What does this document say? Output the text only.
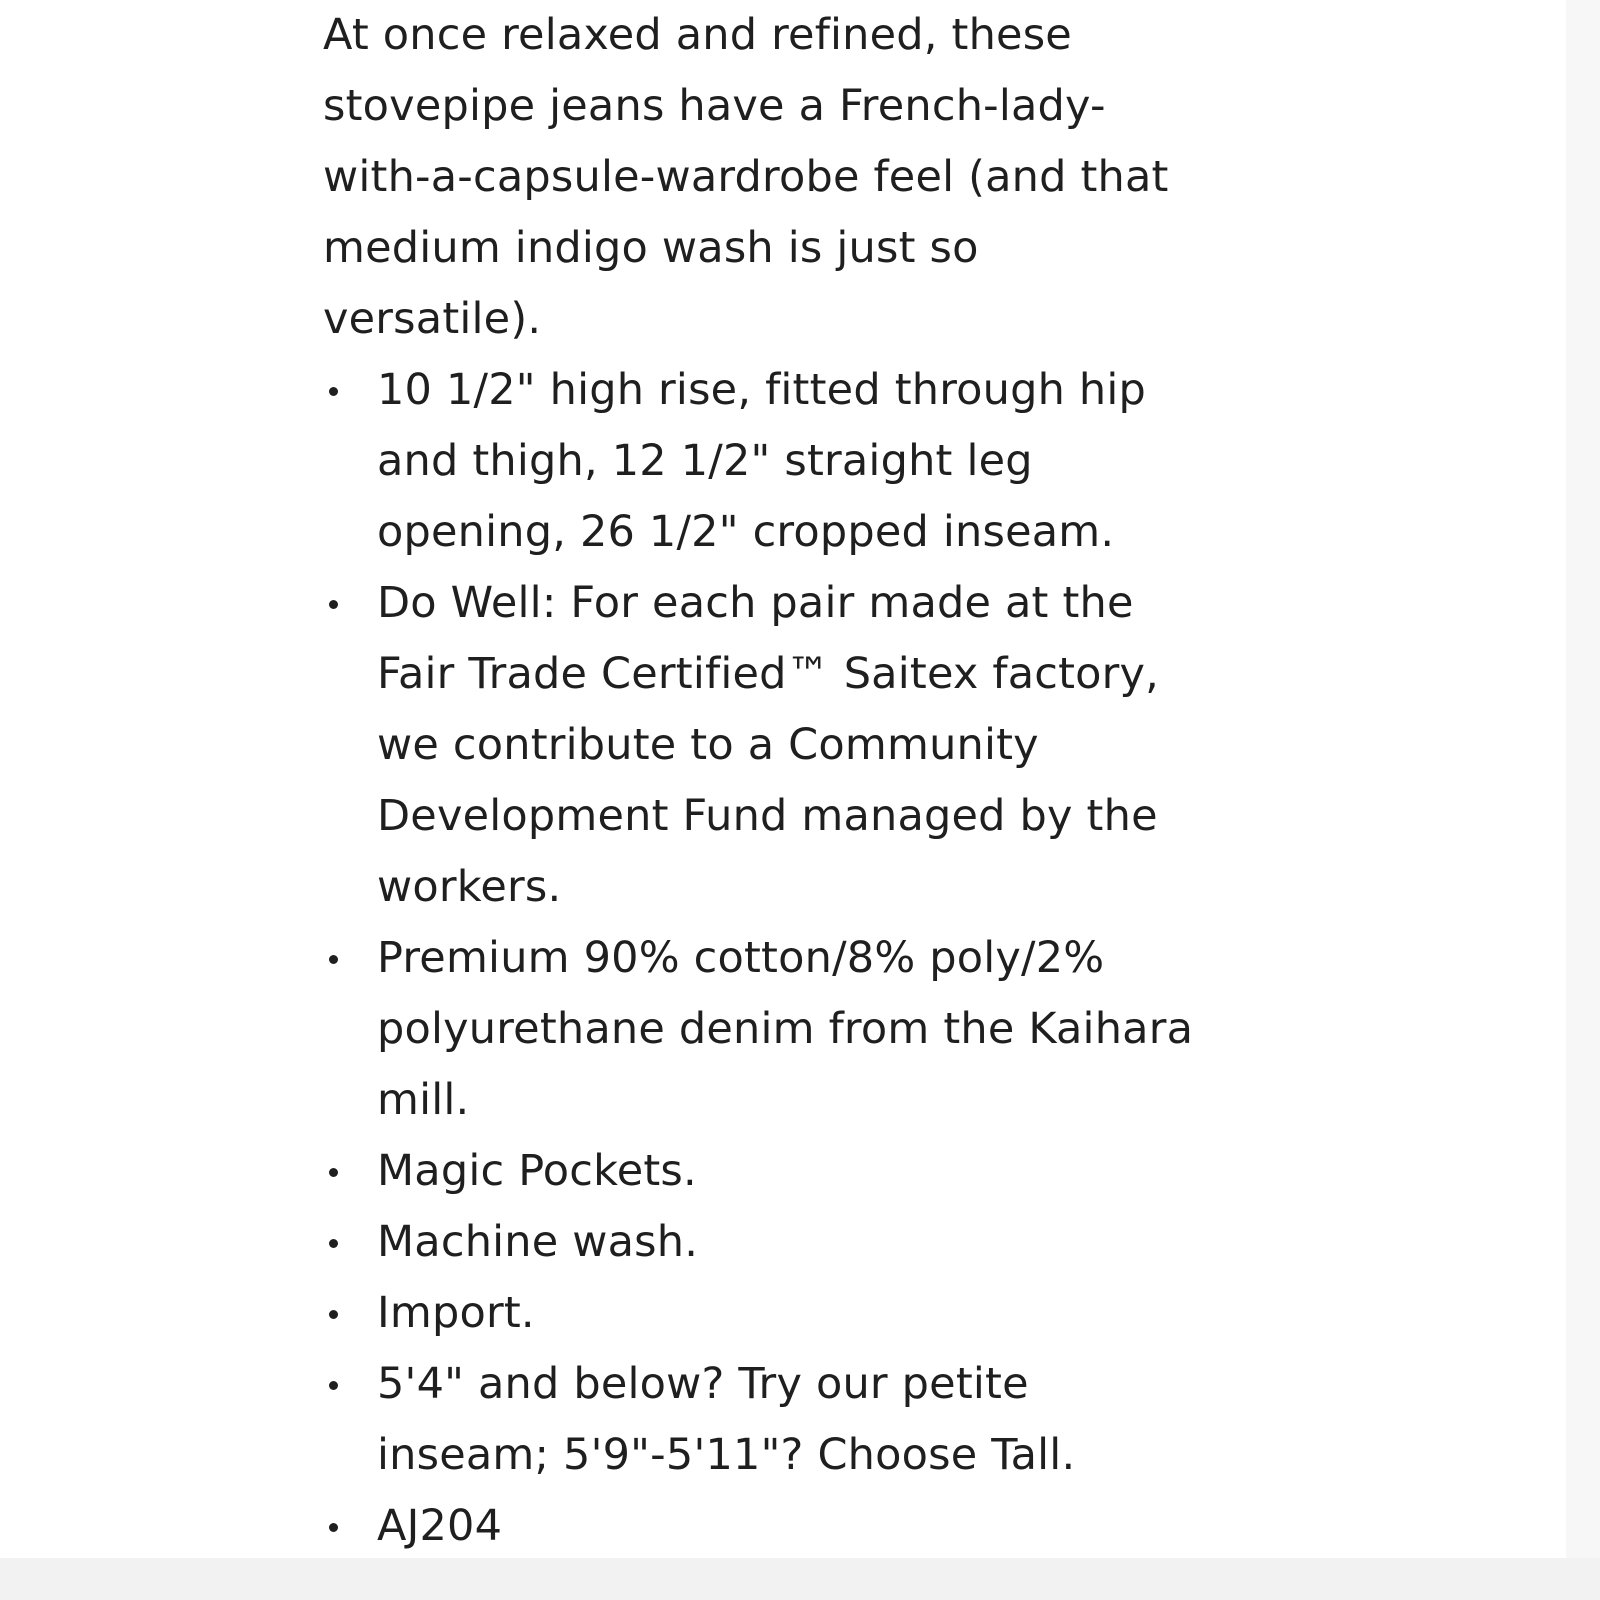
At once relaxed and refined, these stovepipe jeans have a French-lady-with-a-capsule-wardrobe feel (and that medium indigo wash is just so versatile).

10 1/2" high rise, fitted through hip and thigh, 12 1/2" straight leg opening, 26 1/2" cropped inseam.
Do Well: For each pair made at the Fair Trade Certified™ Saitex factory, we contribute to a Community Development Fund managed by the workers.
Premium 90% cotton/8% poly/2% polyurethane denim from the Kaihara mill.
Magic Pockets.
Machine wash.
Import.
5'4" and below? Try our petite inseam; 5'9"-5'11"? Choose Tall.
AJ204
